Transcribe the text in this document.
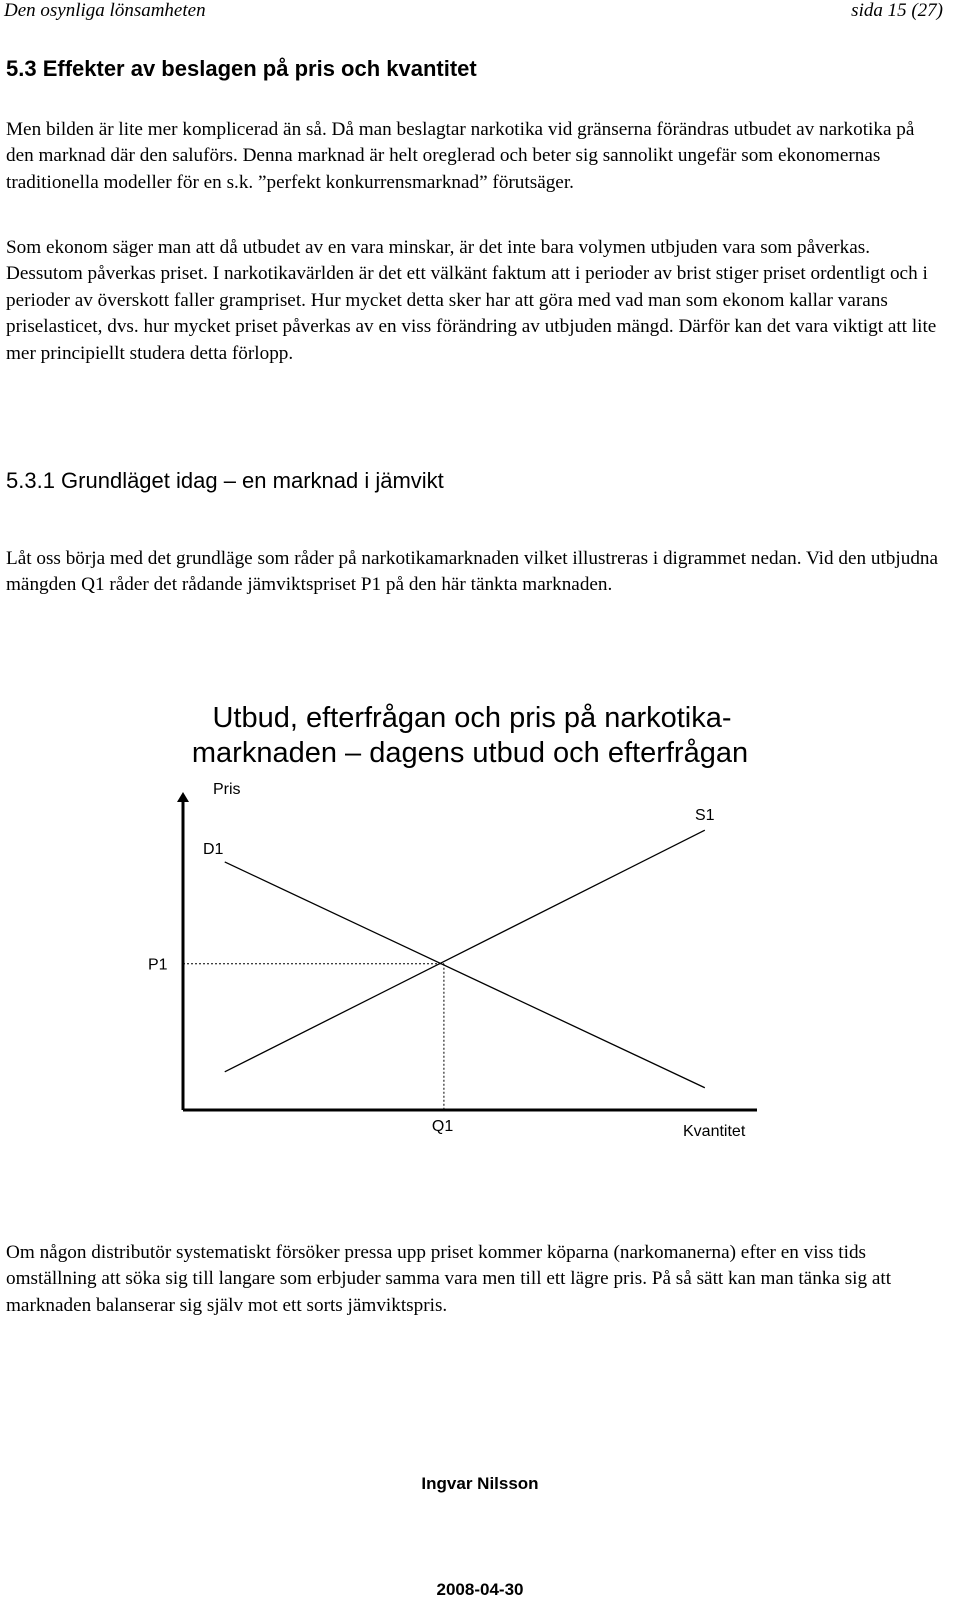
Den osynliga lönsamheten	sida 15 (27)
5.3 Effekter av beslagen på pris och kvantitet

Men bilden är lite mer komplicerad än så. Då man beslagtar narkotika vid gränserna förändras utbudet av narkotika på den marknad där den saluförs. Denna marknad är helt oreglerad och beter sig sannolikt ungefär som ekonomernas traditionella modeller för en s.k. ”perfekt konkurrensmarknad” förutsäger.

Som ekonom säger man att då utbudet av en vara minskar, är det inte bara volymen utbjuden vara som påverkas. Dessutom påverkas priset. I narkotikavärlden är det ett välkänt faktum att i perioder av brist stiger priset ordentligt och i perioder av överskott faller grampriset. Hur mycket detta sker har att göra med vad man som ekonom kallar varans priselasticet, dvs. hur mycket priset påverkas av en viss förändring av utbjuden mängd. Därför kan det vara viktigt att lite mer principiellt studera detta förlopp.

5.3.1 Grundläget idag – en marknad i jämvikt

Låt oss börja med det grundläge som råder på narkotikamarknaden vilket illustreras i digrammet nedan. Vid den utbjudna mängden Q1 råder det rådande jämviktspriset P1 på den här tänkta marknaden.

Utbud, efterfrågan och pris på narkotika-
marknaden – dagens utbud och efterfrågan
Pris
Kvantitet
P1
Q1
S1
D1

Om någon distributör systematiskt försöker pressa upp priset kommer köparna (narkomanerna) efter en viss tids omställning att söka sig till langare som erbjuder samma vara men till ett lägre pris. På så sätt kan man tänka sig att marknaden balanserar sig själv mot ett sorts jämviktspris.

Ingvar Nilsson
2008-04-30
